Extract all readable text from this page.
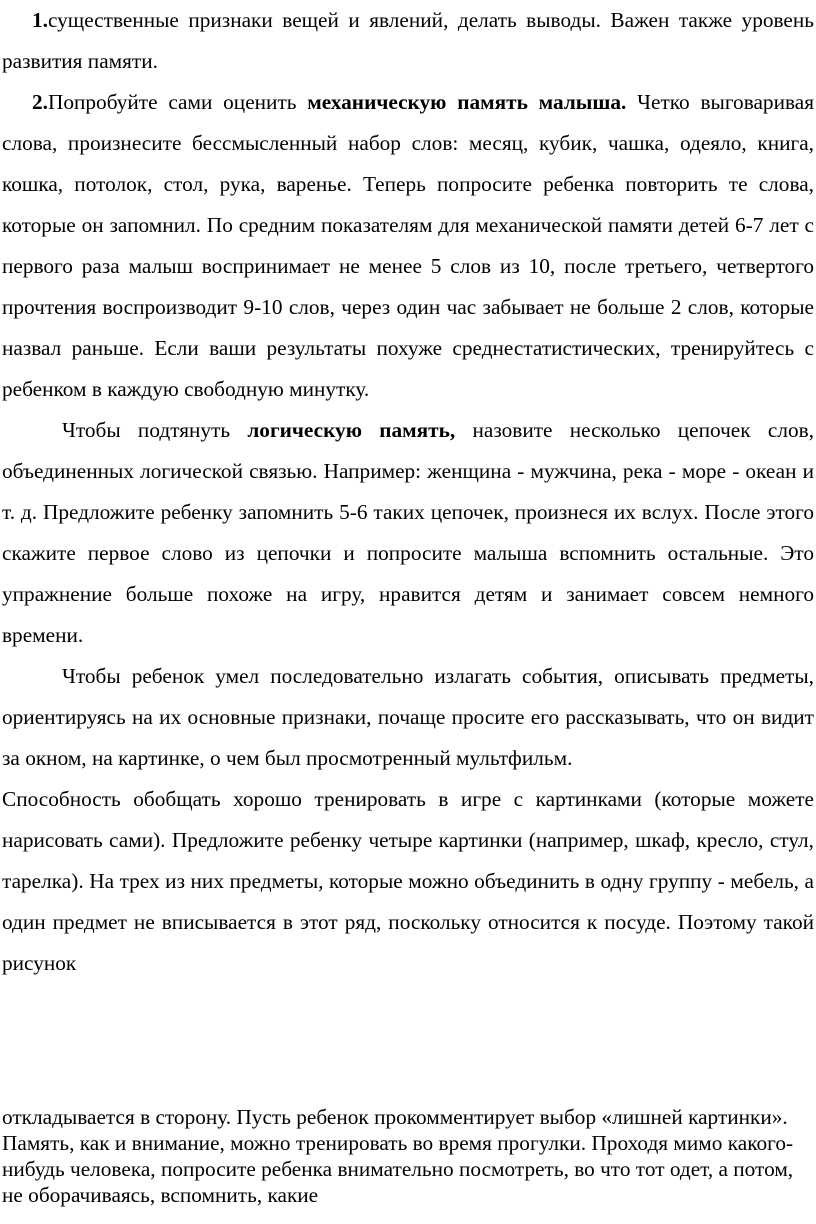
1.существенные признаки вещей и явлений, делать выводы. Важен также уровень развития памяти.

2.Попробуйте сами оценить механическую память малыша. Четко выговаривая слова, произнесите бессмысленный набор слов: месяц, кубик, чашка, одеяло, книга, кошка, потолок, стол, рука, варенье. Теперь попросите ребенка повторить те слова, которые он запомнил. По средним показателям для механической памяти детей 6-7 лет с первого раза малыш воспринимает не менее 5 слов из 10, после третьего, четвертого прочтения воспроизводит 9-10 слов, через один час забывает не больше 2 слов, которые назвал раньше. Если ваши результаты похуже среднестатистических, тренируйтесь с ребенком в каждую свободную минутку.

Чтобы подтянуть логическую память, назовите несколько цепочек слов, объединенных логической связью. Например: женщина - мужчина, река - море - океан и т. д. Предложите ребенку запомнить 5-6 таких цепочек, произнеся их вслух. После этого скажите первое слово из цепочки и попросите малыша вспомнить остальные. Это упражнение больше похоже на игру, нравится детям и занимает совсем немного времени.

Чтобы ребенок умел последовательно излагать события, описывать предметы, ориентируясь на их основные признаки, почаще просите его рассказывать, что он видит за окном, на картинке, о чем был просмотренный мультфильм.

Способность обобщать хорошо тренировать в игре с картинками (которые можете нарисовать сами). Предложите ребенку четыре картинки (например, шкаф, кресло, стул, тарелка). На трех из них предметы, которые можно объединить в одну группу - мебель, а один предмет не вписывается в этот ряд, поскольку относится к посуде. Поэтому такой рисунок

откладывается в сторону. Пусть ребенок прокомментирует выбор «лишней картинки». Память, как и внимание, можно тренировать во время прогулки. Проходя мимо какого-нибудь человека, попросите ребенка внимательно посмотреть, во что тот одет, а потом, не оборачиваясь, вспомнить, какие
